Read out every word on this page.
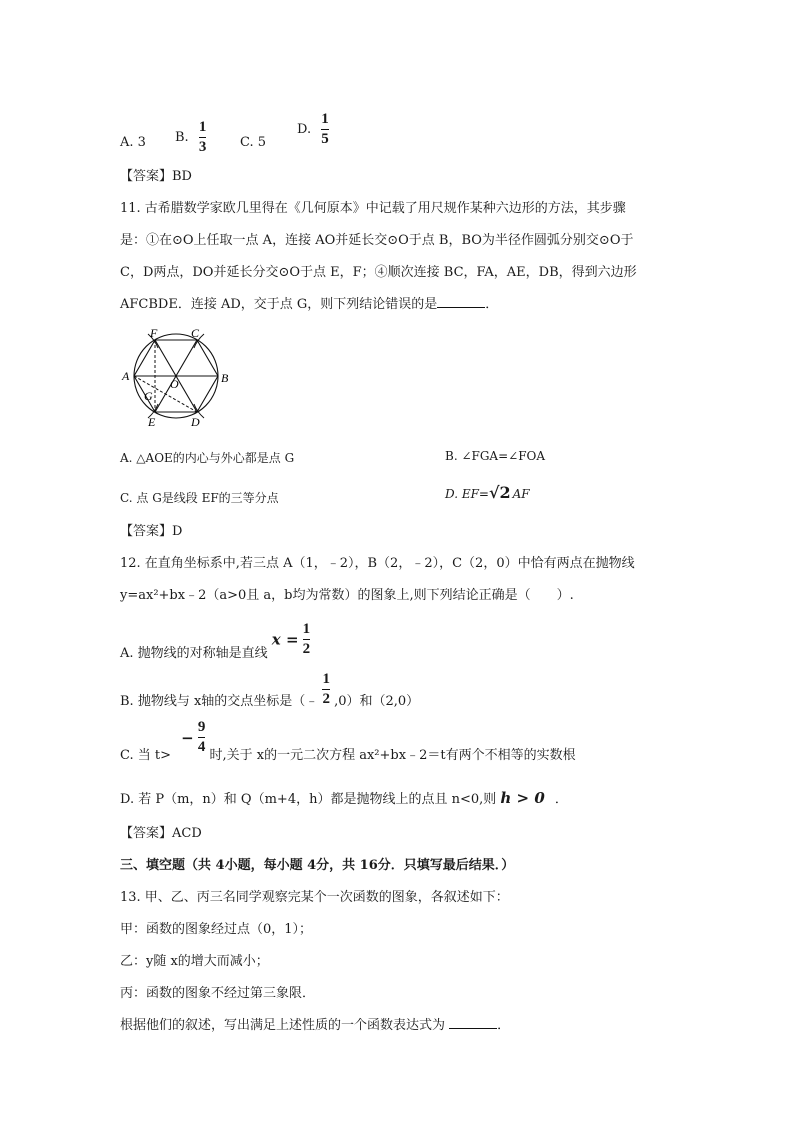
A. 3 B. $\frac{1}{3}$	C. 5
D. $\frac{1}{5}$
【答案】BD
11. 古希腊数学家欧几里得在《几何原本》中记载了用尺规作某种六边形的方法，其步骤
是：①在⊙O上任取一点 A，连接 AO并延长交⊙O于点 B，BO为半径作圆弧分别交⊙O于
C，D两点，DO并延长分交⊙O于点 E，F；④顺次连接 BC，FA，AE，DB，得到六边形
AFCBDE．连接 AD，交于点 G，则下列结论错误的是	．
F	C
A
O	B
G
E	D
A. △AOE的内心与外心都是点 G	B. ∠FGA=∠FOA
C. 点 G是线段 EF的三等分点	D. EF=√2 AF
【答案】D
12. 在直角坐标系中,若三点 A（1，﹣2），B（2，﹣2），C（2，0）中恰有两点在抛物线
y=ax²+bx﹣2（a>0且 a，b均为常数）的图象上,则下列结论正确是（　　）.
A. 抛物线的对称轴是直线 $x = \frac{1}{2}$
B. 抛物线与 x轴的交点坐标是（﹣ $\frac{1}{2} ,0$）和（2,0）
C. 当 $t> - \frac{9}{4}$
时,关于 x的一元二次方程 ax²+bx﹣2＝t有两个不相等的实数根
D. 若 P（m，n）和 Q（m+4，h）都是抛物线上的点且 n<0,则 h > 0 ．
【答案】ACD
三、填空题（共 4小题，每小题 4分，共 16分．只填写最后结果．）
13. 甲、乙、丙三名同学观察完某个一次函数的图象，各叙述如下：
甲：函数的图象经过点（0，1）；
乙：y随 x的增大而减小；
丙：函数的图象不经过第三象限．
根据他们的叙述，写出满足上述性质的一个函数表达式为	．
